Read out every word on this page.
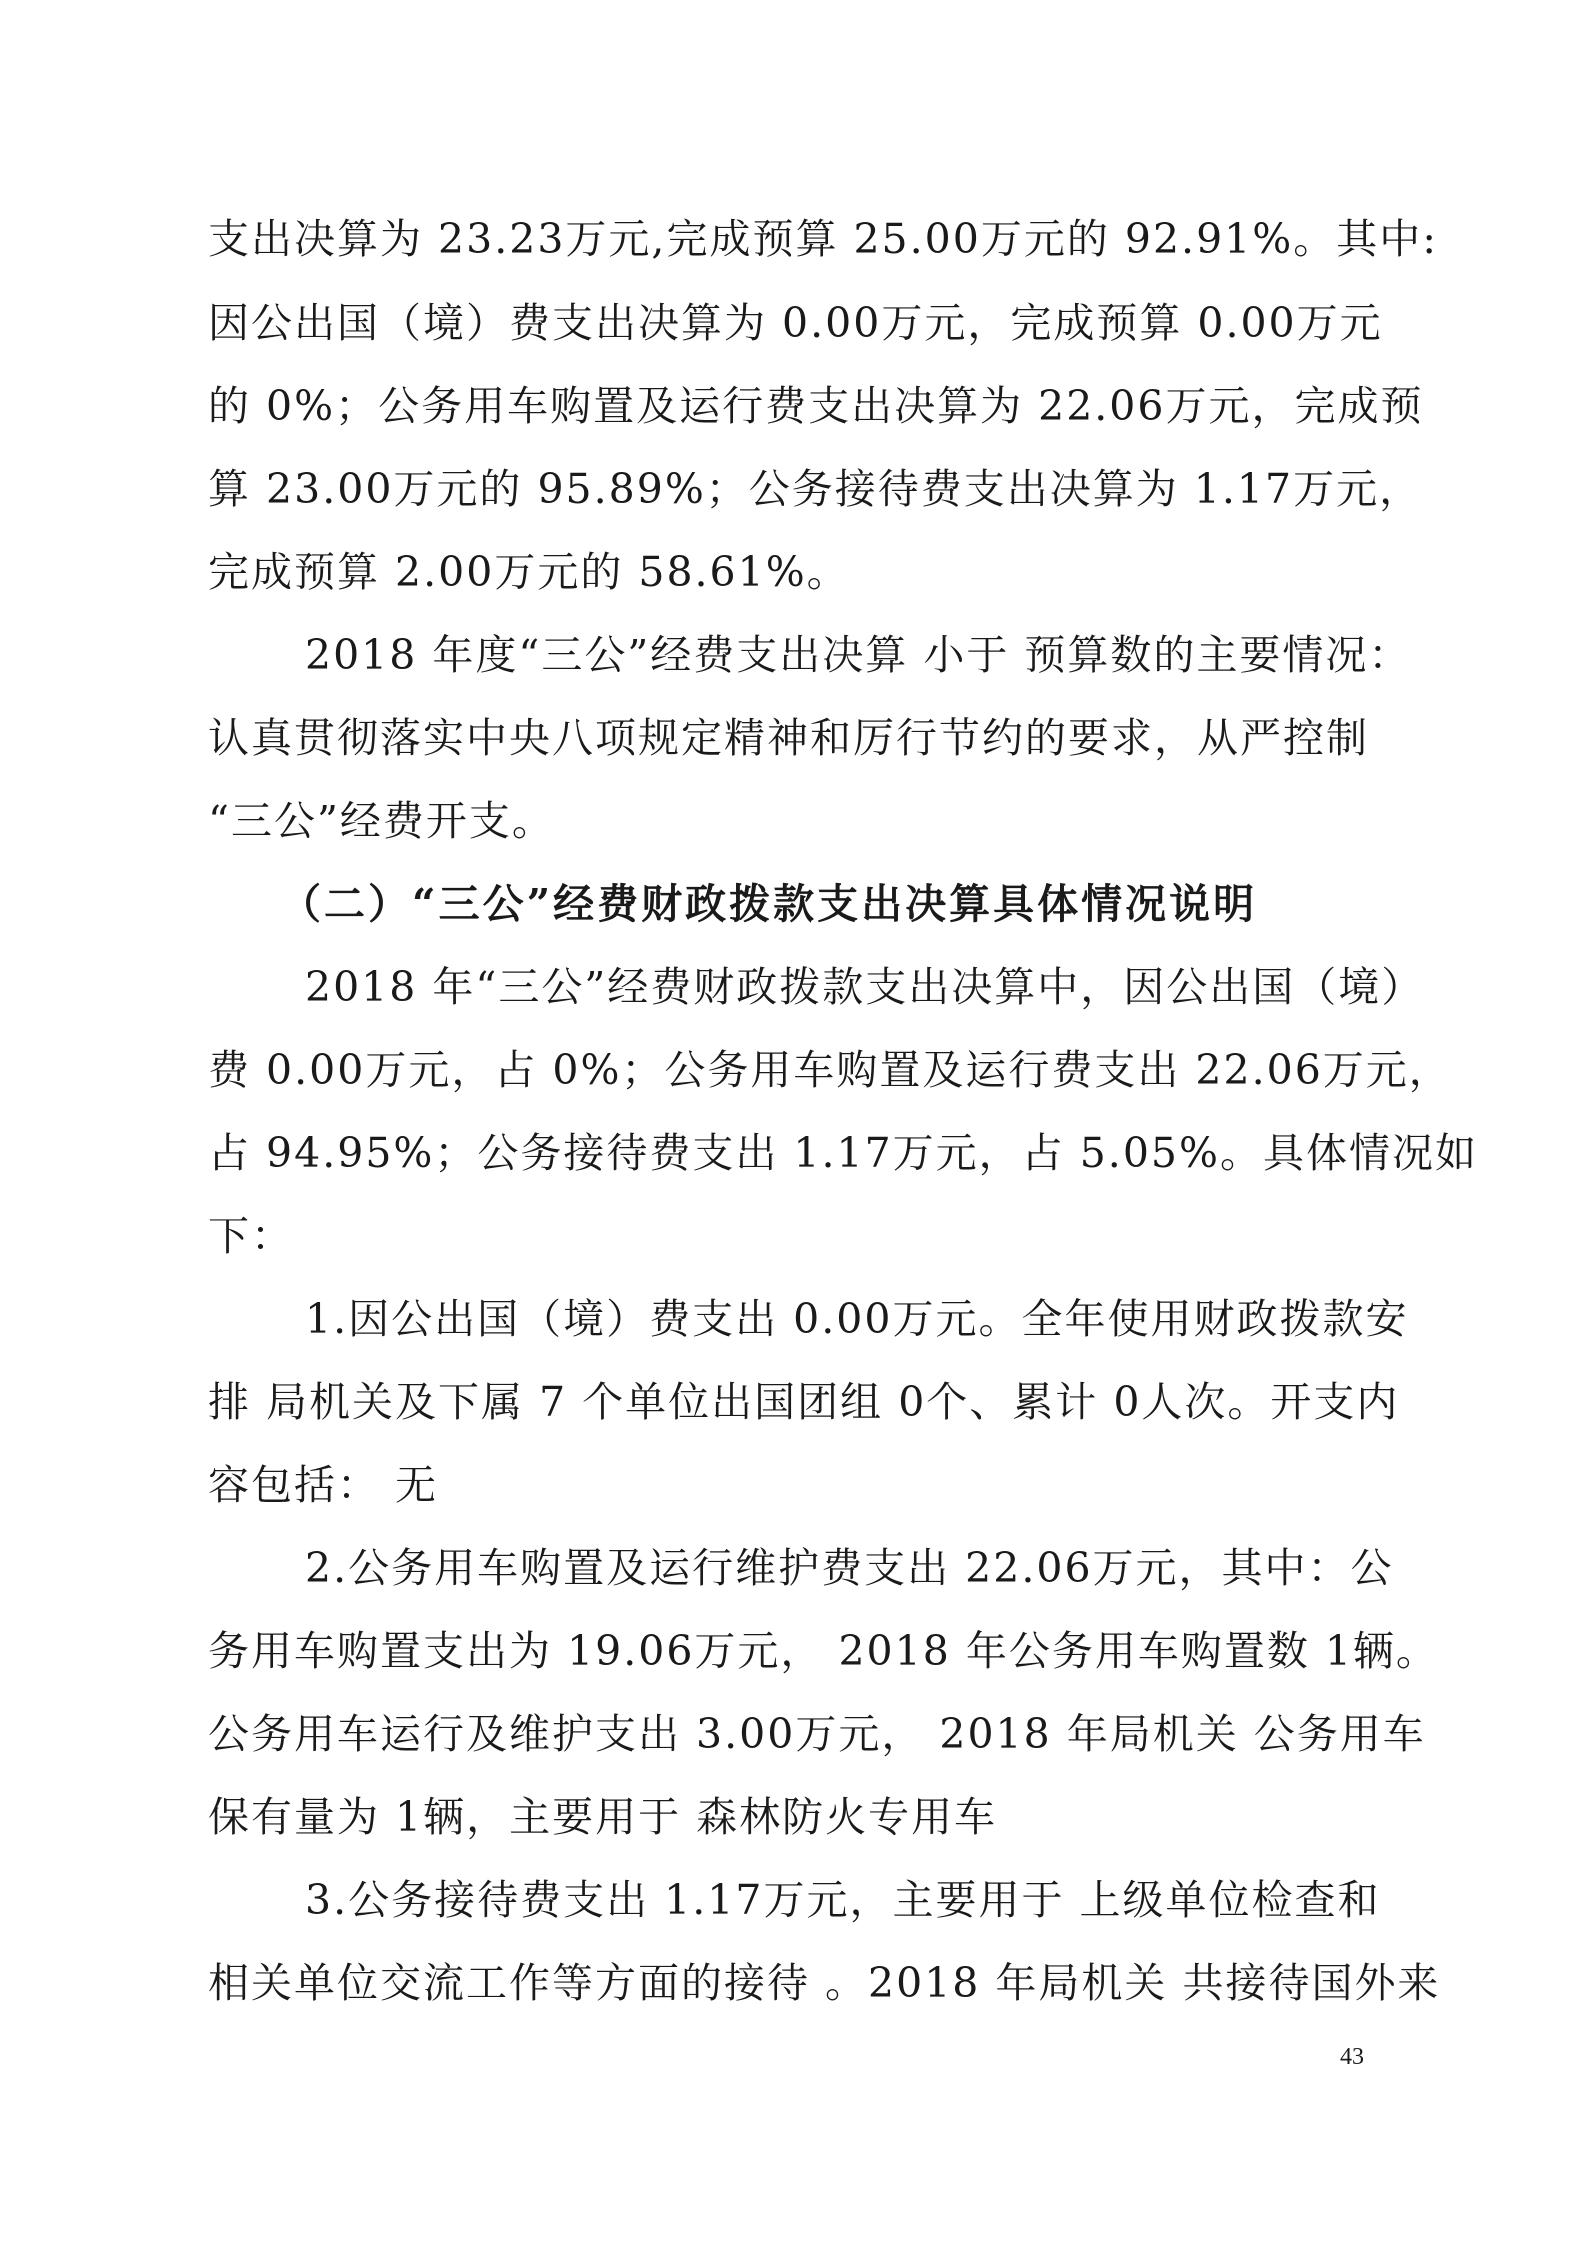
支出决算为 23.23万元,完成预算 25.00万元的 92.91%。其中:
因公出国（境）费支出决算为 0.00万元，完成预算 0.00万元
的 0%；公务用车购置及运行费支出决算为 22.06万元，完成预
算 23.00万元的 95.89%；公务接待费支出决算为 1.17万元，
完成预算 2.00万元的 58.61%。
2018 年度“三公”经费支出决算 小于 预算数的主要情况：
认真贯彻落实中央八项规定精神和厉行节约的要求，从严控制
“三公”经费开支。
（二）“三公”经费财政拨款支出决算具体情况说明
2018 年“三公”经费财政拨款支出决算中，因公出国（境）
费 0.00万元，占 0%；公务用车购置及运行费支出 22.06万元，
占 94.95%；公务接待费支出 1.17万元，占 5.05%。具体情况如
下：
1.因公出国（境）费支出 0.00万元。全年使用财政拨款安
排 局机关及下属 7 个单位出国团组 0个、累计 0人次。开支内
容包括： 无
2.公务用车购置及运行维护费支出 22.06万元，其中：公
务用车购置支出为 19.06万元， 2018 年公务用车购置数 1辆。
公务用车运行及维护支出 3.00万元， 2018 年局机关 公务用车
保有量为 1辆，主要用于 森林防火专用车
3.公务接待费支出 1.17万元，主要用于 上级单位检查和
相关单位交流工作等方面的接待 。2018 年局机关 共接待国外来
43
